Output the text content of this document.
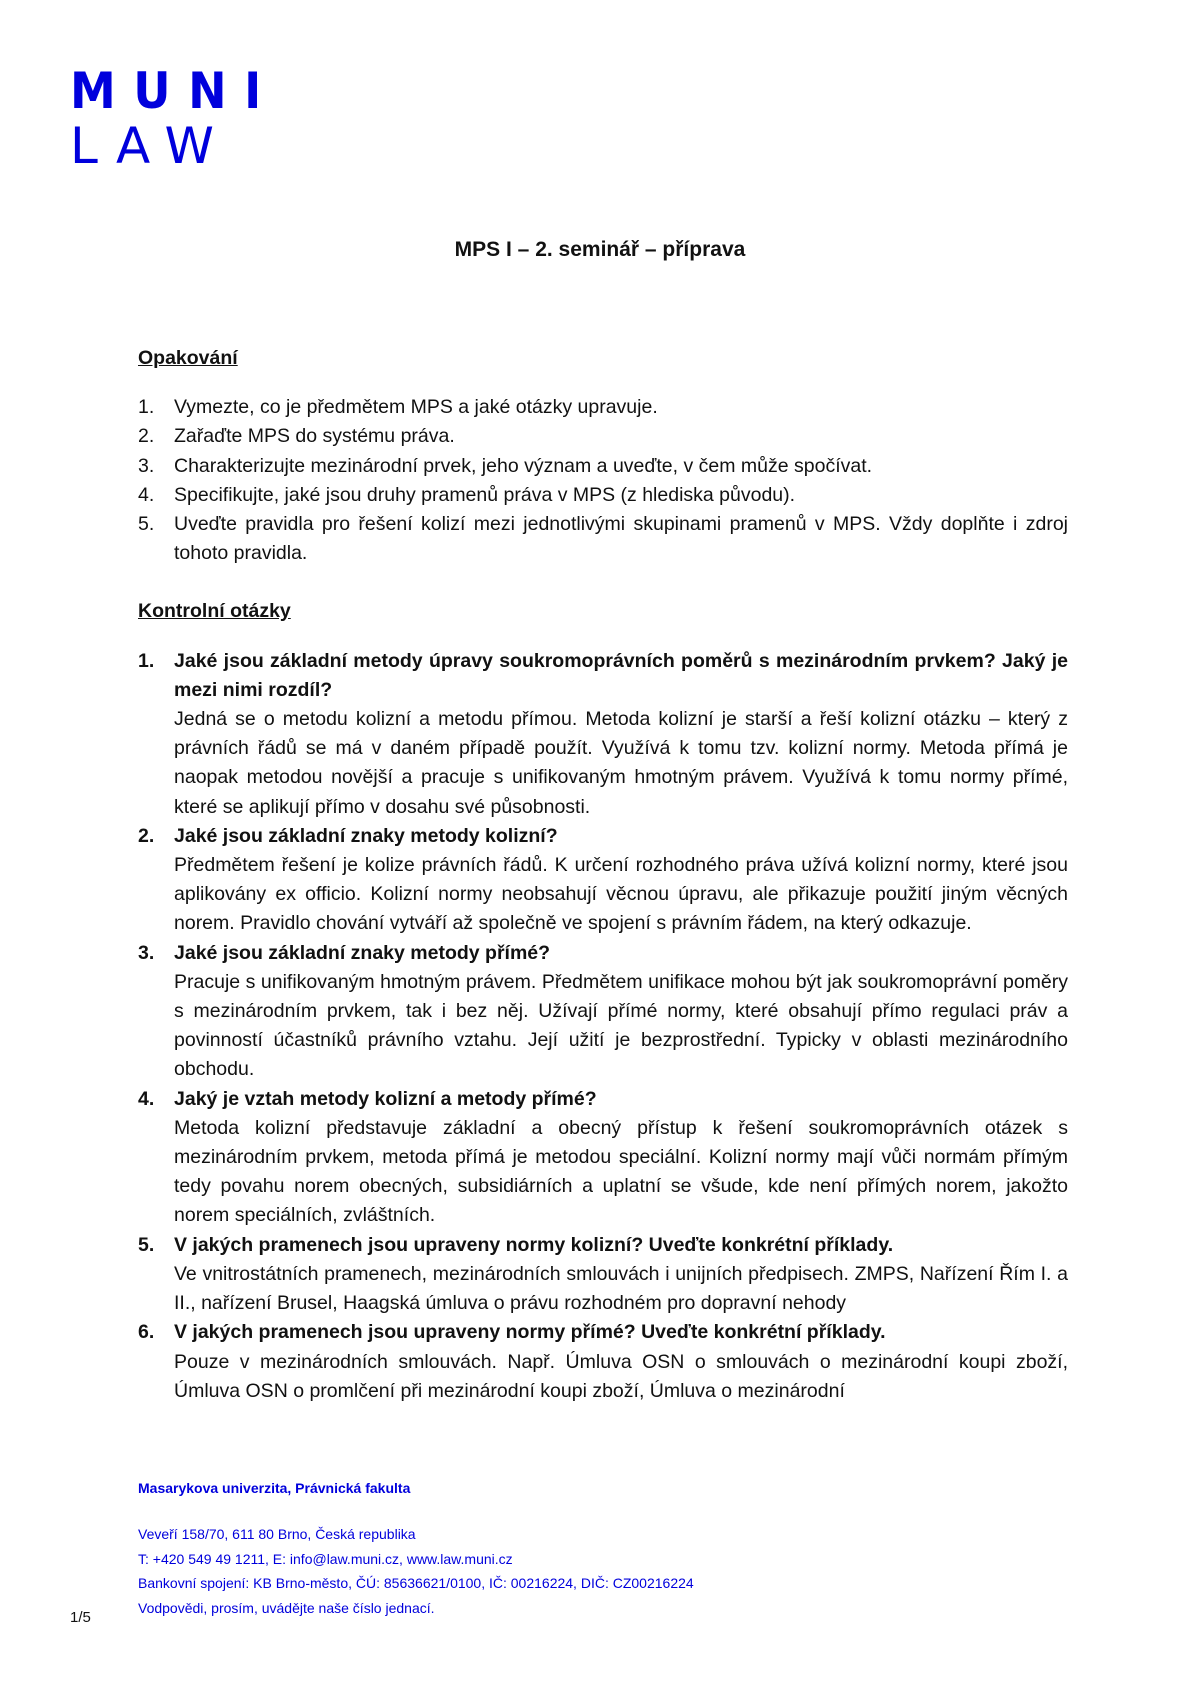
MUNI
LAW
MPS I – 2. seminář – příprava

Opakování

1. Vymezte, co je předmětem MPS a jaké otázky upravuje.
2. Zařaďte MPS do systému práva.
3. Charakterizujte mezinárodní prvek, jeho význam a uveďte, v čem může spočívat.
4. Specifikujte, jaké jsou druhy pramenů práva v MPS (z hlediska původu).
5. Uveďte pravidla pro řešení kolizí mezi jednotlivými skupinami pramenů v MPS. Vždy doplňte i zdroj tohoto pravidla.

Kontrolní otázky

1. Jaké jsou základní metody úpravy soukromoprávních poměrů s mezinárodním prvkem? Jaký je mezi nimi rozdíl?
Jedná se o metodu kolizní a metodu přímou. Metoda kolizní je starší a řeší kolizní otázku – který z právních řádů se má v daném případě použít. Využívá k tomu tzv. kolizní normy. Metoda přímá je naopak metodou novější a pracuje s unifikovaným hmotným právem. Využívá k tomu normy přímé, které se aplikují přímo v dosahu své působnosti.
2. Jaké jsou základní znaky metody kolizní?
Předmětem řešení je kolize právních řádů. K určení rozhodného práva užívá kolizní normy, které jsou aplikovány ex officio. Kolizní normy neobsahují věcnou úpravu, ale přikazuje použití jiným věcných norem. Pravidlo chování vytváří až společně ve spojení s právním řádem, na který odkazuje.
3. Jaké jsou základní znaky metody přímé?
Pracuje s unifikovaným hmotným právem. Předmětem unifikace mohou být jak soukromoprávní poměry s mezinárodním prvkem, tak i bez něj. Užívají přímé normy, které obsahují přímo regulaci práv a povinností účastníků právního vztahu. Její užití je bezprostřední. Typicky v oblasti mezinárodního obchodu.
4. Jaký je vztah metody kolizní a metody přímé?
Metoda kolizní představuje základní a obecný přístup k řešení soukromoprávních otázek s mezinárodním prvkem, metoda přímá je metodou speciální. Kolizní normy mají vůči normám přímým tedy povahu norem obecných, subsidiárních a uplatní se všude, kde není přímých norem, jakožto norem speciálních, zvláštních.
5. V jakých pramenech jsou upraveny normy kolizní? Uveďte konkrétní příklady.
Ve vnitrostátních pramenech, mezinárodních smlouvách i unijních předpisech. ZMPS, Nařízení Řím I. a II., nařízení Brusel, Haagská úmluva o právu rozhodném pro dopravní nehody
6. V jakých pramenech jsou upraveny normy přímé? Uveďte konkrétní příklady.
Pouze v mezinárodních smlouvách. Např. Úmluva OSN o smlouvách o mezinárodní koupi zboží, Úmluva OSN o promlčení při mezinárodní koupi zboží, Úmluva o mezinárodní
Masarykova univerzita, Právnická fakulta
Veveří 158/70, 611 80 Brno, Česká republika
T: +420 549 49 1211, E: info@law.muni.cz, www.law.muni.cz
Bankovní spojení: KB Brno-město, ČÚ: 85636621/0100, IČ: 00216224, DIČ: CZ00216224
Vodpovědi, prosím, uvádějte naše číslo jednací.
1/5
